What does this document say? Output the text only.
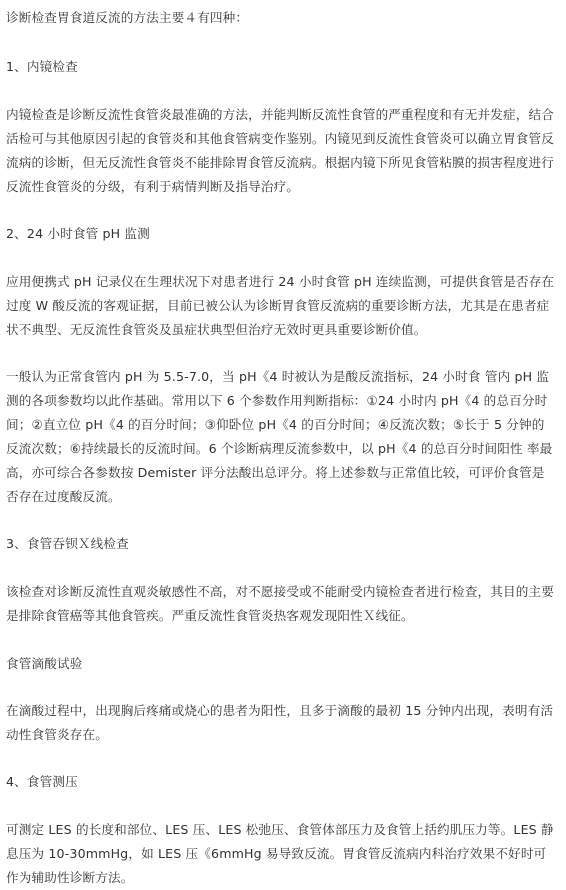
诊断检查胃食道反流的方法主要４有四种：

1、内镜检查

内镜检查是诊断反流性食管炎最准确的方法，并能判断反流性食管的严重程度和有无并发症，结合活检可与其他原因引起的食管炎和其他食管病变作鉴别。内镜见到反流性食管炎可以确立胃食管反流病的诊断，但无反流性食管炎不能排除胃食管反流病。根据内镜下所见食管粘膜的损害程度进行反流性食管炎的分级，有利于病情判断及指导治疗。

2、24 小时食管 pH 监测

应用便携式 pH 记录仪在生理状况下对患者进行 24 小时食管 pH 连续监测，可提供食管是否存在过度 W 酸反流的客观证据，目前已被公认为诊断胃食管反流病的重要诊断方法，尤其是在患者症状不典型、无反流性食管炎及虽症状典型但治疗无效时更具重要诊断价值。

一般认为正常食管内 pH 为 5.5-7.0，当 pH《4 时被认为是酸反流指标，24 小时食 管内 pH 监测的各项参数均以此作基础。常用以下 6 个参数作用判断指标：①24 小时内 pH《4 的总百分时间；②直立位 pH《4 的百分时间；③仰卧位 pH《4 的百分时间；④反流次数；⑤长于 5 分钟的反流次数；⑥持续最长的反流时间。6 个诊断病理反流参数中，以 pH《4 的总百分时间阳性 率最高，亦可综合各参数按 Demister 评分法酸出总评分。将上述参数与正常值比较，可评价食管是否存在过度酸反流。

3、食管吞钡Ｘ线检查

该检查对诊断反流性直观炎敏感性不高，对不愿接受或不能耐受内镜检查者进行检查，其目的主要是排除食管癌等其他食管疾。严重反流性食管炎热客观发现阳性Ｘ线征。

食管滴酸试验

在滴酸过程中，出现胸后疼痛或烧心的患者为阳性，且多于滴酸的最初 15 分钟内出现，表明有活动性食管炎存在。

4、食管测压

可测定 LES 的长度和部位、LES 压、LES 松弛压、食管体部压力及食管上括约肌压力等。LES 静息压为 10-30mmHg，如 LES 压《6mmHg 易导致反流。胃食管反流病内科治疗效果不好时可作为辅助性诊断方法。
